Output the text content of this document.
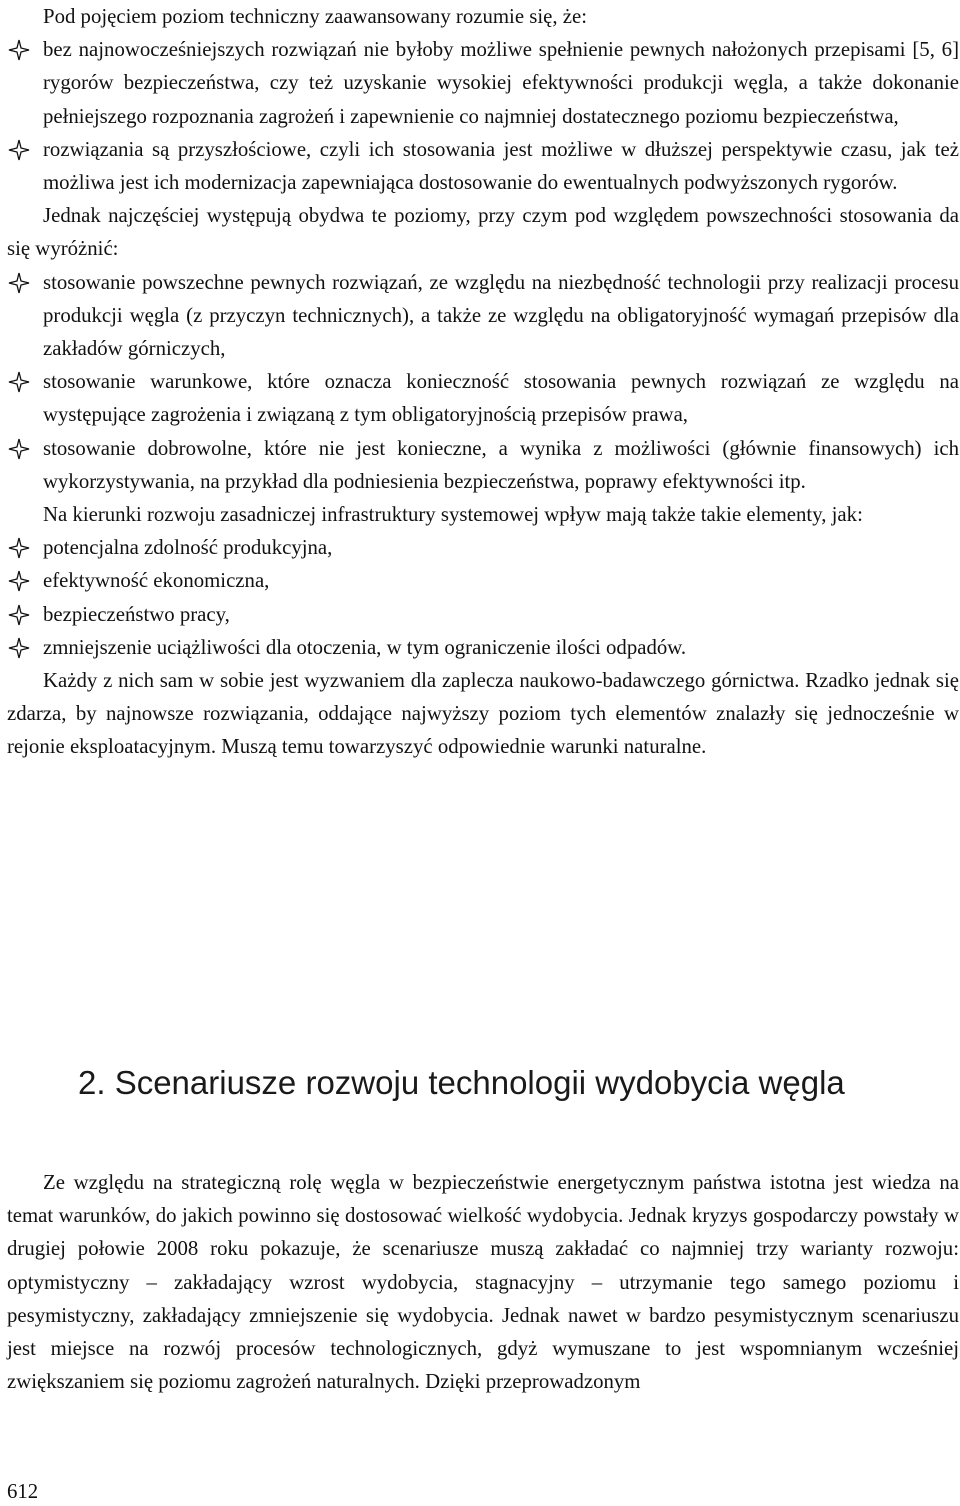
Pod pojęciem poziom techniczny zaawansowany rozumie się, że:

bez najnowocześniejszych rozwiązań nie byłoby możliwe spełnienie pewnych nałożonych przepisami [5, 6] rygorów bezpieczeństwa, czy też uzyskanie wysokiej efektywności produkcji węgla, a także dokonanie pełniejszego rozpoznania zagrożeń i zapewnienie co najmniej dostatecznego poziomu bezpieczeństwa,
rozwiązania są przyszłościowe, czyli ich stosowania jest możliwe w dłuższej perspektywie czasu, jak też możliwa jest ich modernizacja zapewniająca dostosowanie do ewentualnych podwyższonych rygorów.

Jednak najczęściej występują obydwa te poziomy, przy czym pod względem powszechności stosowania da się wyróżnić:

stosowanie powszechne pewnych rozwiązań, ze względu na niezbędność technologii przy realizacji procesu produkcji węgla (z przyczyn technicznych), a także ze względu na obligatoryjność wymagań przepisów dla zakładów górniczych,
stosowanie warunkowe, które oznacza konieczność stosowania pewnych rozwiązań ze względu na występujące zagrożenia i związaną z tym obligatoryjnością przepisów prawa,
stosowanie dobrowolne, które nie jest konieczne, a wynika z możliwości (głównie finansowych) ich wykorzystywania, na przykład dla podniesienia bezpieczeństwa, poprawy efektywności itp.

Na kierunki rozwoju zasadniczej infrastruktury systemowej wpływ mają także takie elementy, jak:

potencjalna zdolność produkcyjna,
efektywność ekonomiczna,
bezpieczeństwo pracy,
zmniejszenie uciążliwości dla otoczenia, w tym ograniczenie ilości odpadów.

Każdy z nich sam w sobie jest wyzwaniem dla zaplecza naukowo-badawczego górnictwa. Rzadko jednak się zdarza, by najnowsze rozwiązania, oddające najwyższy poziom tych elementów znalazły się jednocześnie w rejonie eksploatacyjnym. Muszą temu towarzyszyć odpowiednie warunki naturalne.

2. Scenariusze rozwoju technologii wydobycia węgla

Ze względu na strategiczną rolę węgla w bezpieczeństwie energetycznym państwa istotna jest wiedza na temat warunków, do jakich powinno się dostosować wielkość wydobycia. Jednak kryzys gospodarczy powstały w drugiej połowie 2008 roku pokazuje, że scenariusze muszą zakładać co najmniej trzy warianty rozwoju: optymistyczny – zakładający wzrost wydobycia, stagnacyjny – utrzymanie tego samego poziomu i pesymistyczny, zakładający zmniejszenie się wydobycia. Jednak nawet w bardzo pesymistycznym scenariuszu jest miejsce na rozwój procesów technologicznych, gdyż wymuszane to jest wspomnianym wcześniej zwiększaniem się poziomu zagrożeń naturalnych. Dzięki przeprowadzonym

612
